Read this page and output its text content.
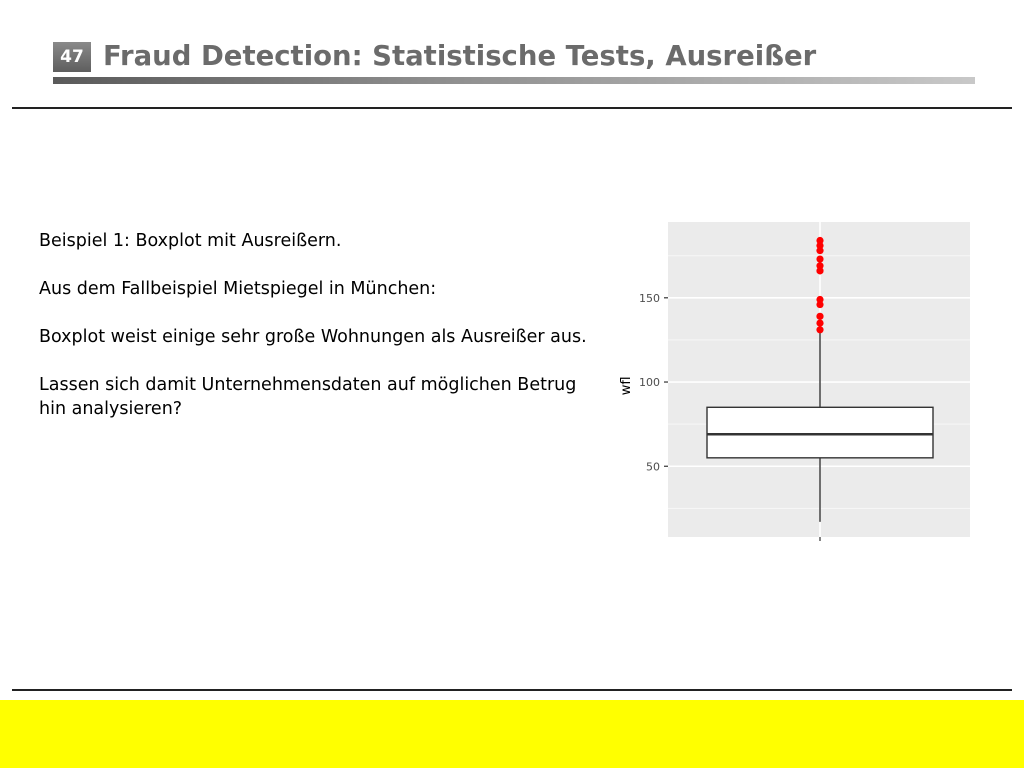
47 Fraud Detection: Statistische Tests, Ausreißer

Beispiel 1: Boxplot mit Ausreißern.

Aus dem Fallbeispiel Mietspiegel in München:

Boxplot weist einige sehr große Wohnungen als Ausreißer aus.

Lassen sich damit Unternehmensdaten auf möglichen Betrug hin analysieren?

50
100
150
wfl
